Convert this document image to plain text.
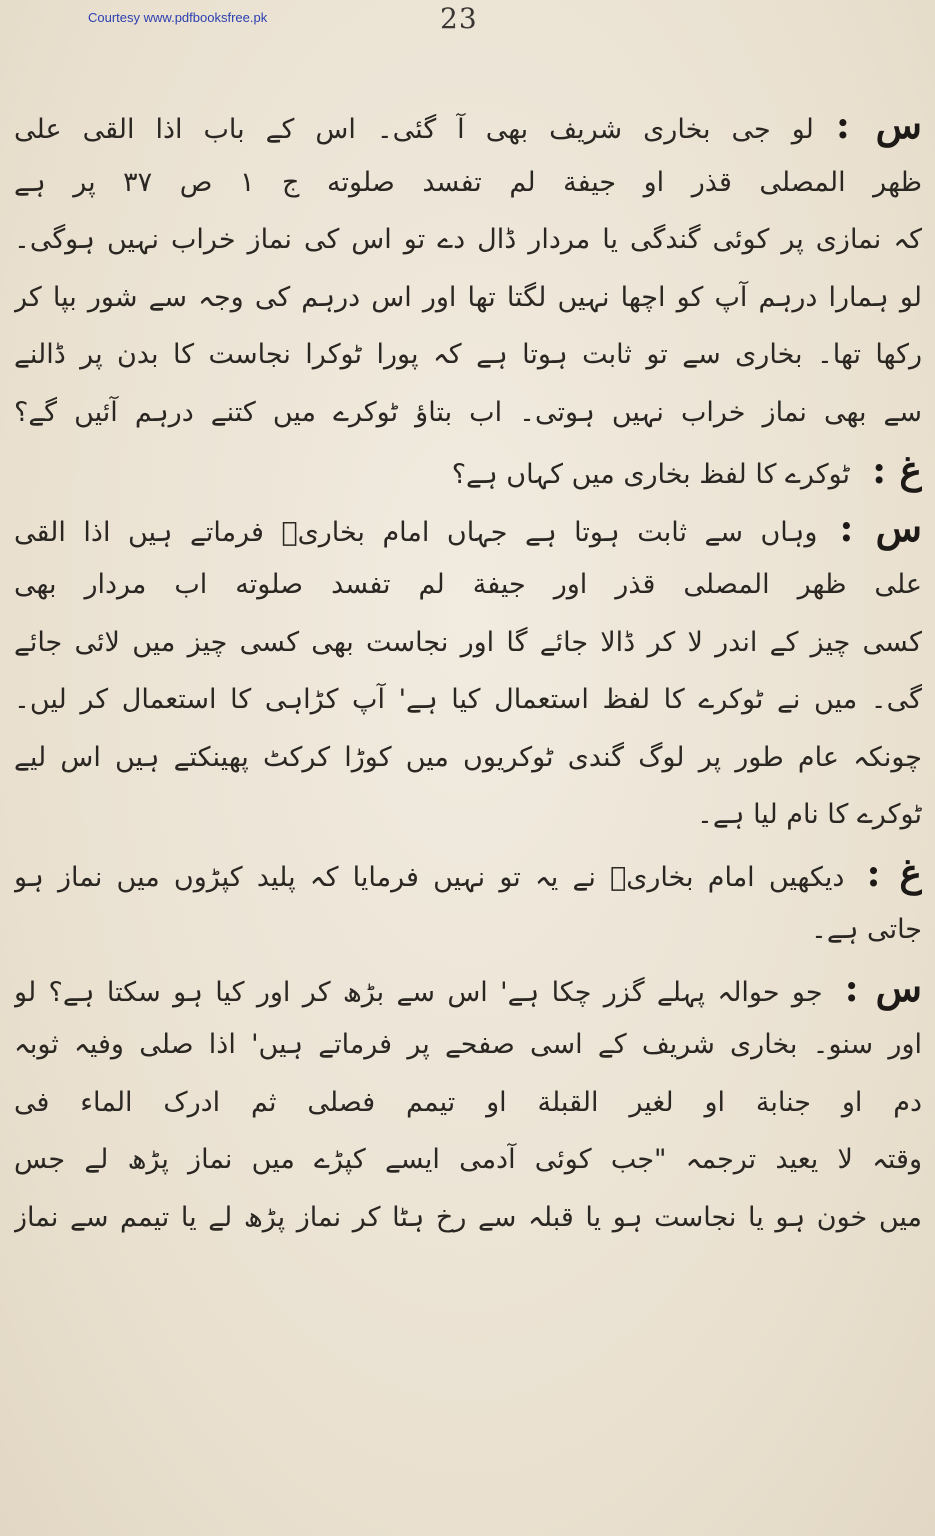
Courtesy www.pdfbooksfree.pk	23
س :لو جی بخاری شریف بھی آ گئی۔ اس کے باب اذا القی علی
ظهر المصلی قذر او جیفة لم تفسد صلوته ج ۱ ص ۳۷ پر ہے
کہ نمازی پر کوئی گندگی یا مردار ڈال دے تو اس کی نماز خراب نہیں ہوگی۔
لو ہمارا درہم آپ کو اچھا نہیں لگتا تھا اور اس درہم کی وجہ سے شور بپا کر
رکھا تھا۔ بخاری سے تو ثابت ہوتا ہے کہ پورا ٹوکرا نجاست کا بدن پر ڈالنے
سے بھی نماز خراب نہیں ہوتی۔ اب بتاؤ ٹوکرے میں کتنے درہم آئیں گے؟
غ :ٹوکرے کا لفظ بخاری میں کہاں ہے؟
س :وہاں سے ثابت ہوتا ہے جہاں امام بخاریؒ فرماتے ہیں اذا القی
علی ظهر المصلی قذر اور جیفة لم تفسد صلوته اب مردار بھی
کسی چیز کے اندر لا کر ڈالا جائے گا اور نجاست بھی کسی چیز میں لائی جائے
گی۔ میں نے ٹوکرے کا لفظ استعمال کیا ہے' آپ کڑاہی کا استعمال کر لیں۔
چونکہ عام طور پر لوگ گندی ٹوکریوں میں کوڑا کرکٹ پھینکتے ہیں اس لیے
ٹوکرے کا نام لیا ہے۔
غ :دیکھیں امام بخاریؒ نے یہ تو نہیں فرمایا کہ پلید کپڑوں میں نماز ہو
جاتی ہے۔
س :جو حوالہ پہلے گزر چکا ہے' اس سے بڑھ کر اور کیا ہو سکتا ہے؟ لو
اور سنو۔ بخاری شریف کے اسی صفحے پر فرماتے ہیں' اذا صلی وفیہ ثوبہ
دم او جنابة او لغیر القبلة او تیمم فصلی ثم ادرک الماء فی
وقتہ لا یعید ترجمہ "جب کوئی آدمی ایسے کپڑے میں نماز پڑھ لے جس
میں خون ہو یا نجاست ہو یا قبلہ سے رخ ہٹا کر نماز پڑھ لے یا تیمم سے نماز
